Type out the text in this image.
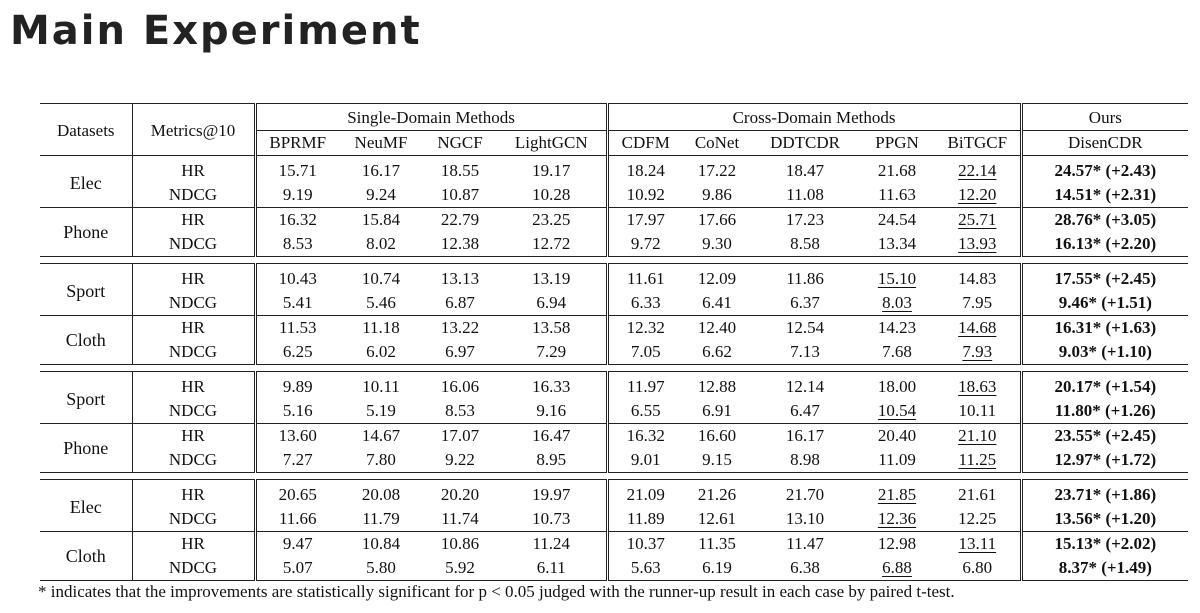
Main Experiment
Datasets	Metrics@10	Single-Domain Methods				Cross-Domain Methods					Ours

		BPRMF	NeuMF	NGCF	LightGCN	CDFM	CoNet	DDTCDR	PPGN	BiTGCF	DisenCDR
Elec	HR	15.71	16.17	18.55	19.17	18.24	17.22	18.47	21.68	22.14	24.57* (+2.43)
	NDCG	9.19	9.24	10.87	10.28	10.92	9.86	11.08	11.63	12.20	14.51* (+2.31)
Phone	HR	16.32	15.84	22.79	23.25	17.97	17.66	17.23	24.54	25.71	28.76* (+3.05)
	NDCG	8.53	8.02	12.38	12.72	9.72	9.30	8.58	13.34	13.93	16.13* (+2.20)

Sport	HR	10.43	10.74	13.13	13.19	11.61	12.09	11.86	15.10	14.83	17.55* (+2.45)
	NDCG	5.41	5.46	6.87	6.94	6.33	6.41	6.37	8.03	7.95	9.46* (+1.51)
Cloth	HR	11.53	11.18	13.22	13.58	12.32	12.40	12.54	14.23	14.68	16.31* (+1.63)
	NDCG	6.25	6.02	6.97	7.29	7.05	6.62	7.13	7.68	7.93	9.03* (+1.10)

Sport	HR	9.89	10.11	16.06	16.33	11.97	12.88	12.14	18.00	18.63	20.17* (+1.54)
	NDCG	5.16	5.19	8.53	9.16	6.55	6.91	6.47	10.54	10.11	11.80* (+1.26)
Phone	HR	13.60	14.67	17.07	16.47	16.32	16.60	16.17	20.40	21.10	23.55* (+2.45)
	NDCG	7.27	7.80	9.22	8.95	9.01	9.15	8.98	11.09	11.25	12.97* (+1.72)

Elec	HR	20.65	20.08	20.20	19.97	21.09	21.26	21.70	21.85	21.61	23.71* (+1.86)
	NDCG	11.66	11.79	11.74	10.73	11.89	12.61	13.10	12.36	12.25	13.56* (+1.20)
Cloth	HR	9.47	10.84	10.86	11.24	10.37	11.35	11.47	12.98	13.11	15.13* (+2.02)
	NDCG	5.07	5.80	5.92	6.11	5.63	6.19	6.38	6.88	6.80	8.37* (+1.49)
* indicates that the improvements are statistically significant for p < 0.05 judged with the runner-up result in each case by paired t-test.
